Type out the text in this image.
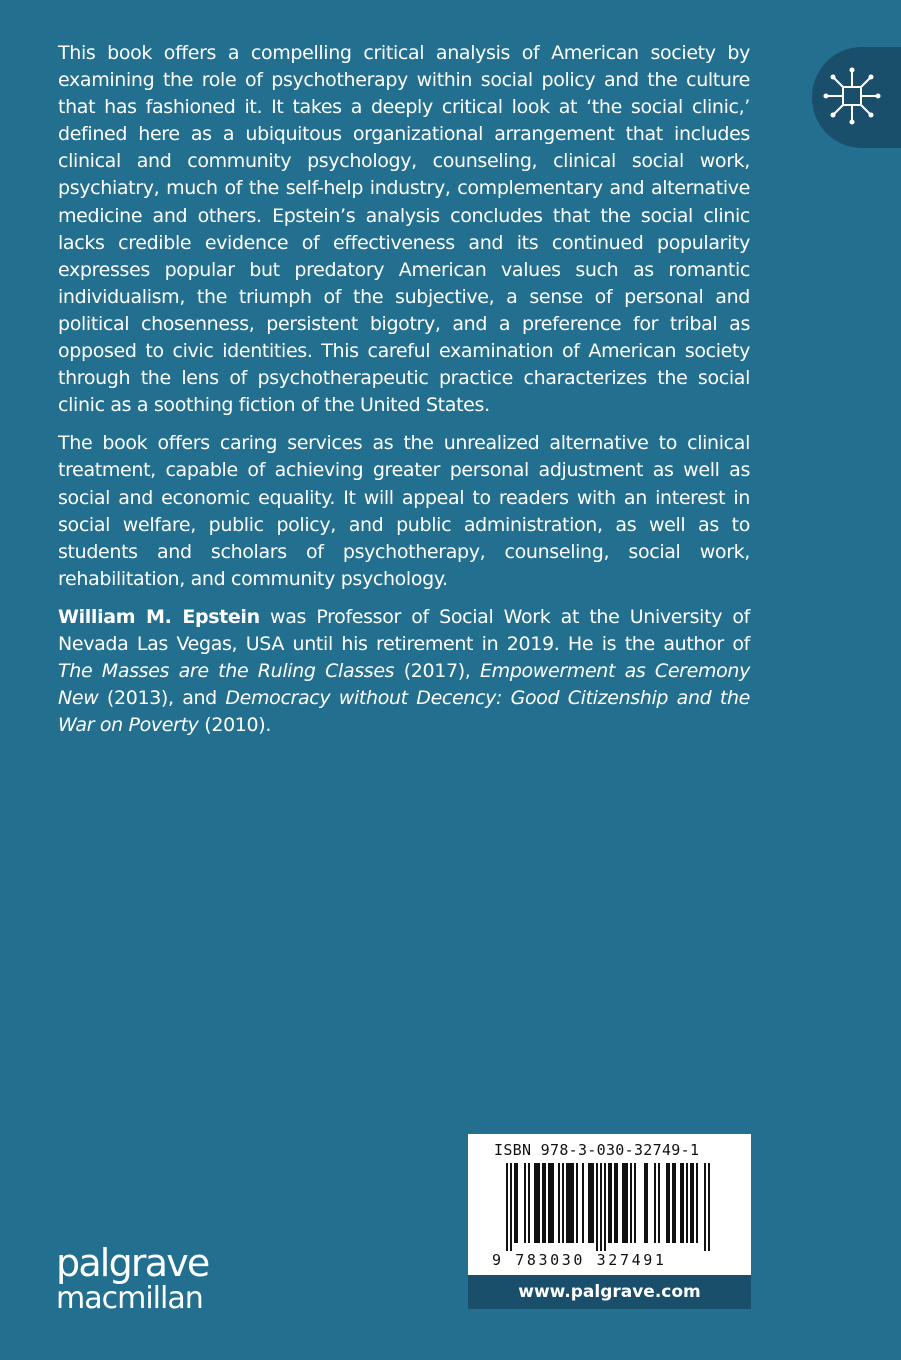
This book offers a compelling critical analysis of American society by examining the role of psychotherapy within social policy and the culture that has fashioned it. It takes a deeply critical look at ‘the social clinic,’ defined here as a ubiquitous organizational arrangement that includes clinical and community psychology, counseling, clinical social work, psychiatry, much of the self-help industry, complementary and alternative medicine and others. Epstein’s analysis concludes that the social clinic lacks credible evidence of effectiveness and its continued popularity expresses popular but predatory American values such as romantic individualism, the triumph of the subjective, a sense of personal and political chosenness, persistent bigotry, and a preference for tribal as opposed to civic identities. This careful examination of American society through the lens of psychotherapeutic practice characterizes the social clinic as a soothing fiction of the United States.

The book offers caring services as the unrealized alternative to clinical treatment, capable of achieving greater personal adjustment as well as social and economic equality. It will appeal to readers with an interest in social welfare, public policy, and public administration, as well as to students and scholars of psychotherapy, counseling, social work, rehabilitation, and community psychology.

William M. Epstein was Professor of Social Work at the University of Nevada Las Vegas, USA until his retirement in 2019. He is the author of The Masses are the Ruling Classes (2017), Empowerment as Ceremony New (2013), and Democracy without Decency: Good Citizenship and the War on Poverty (2010).

palgrave
macmillan
ISBN 978-3-030-32749-1
9 783030 327491
www.palgrave.com
